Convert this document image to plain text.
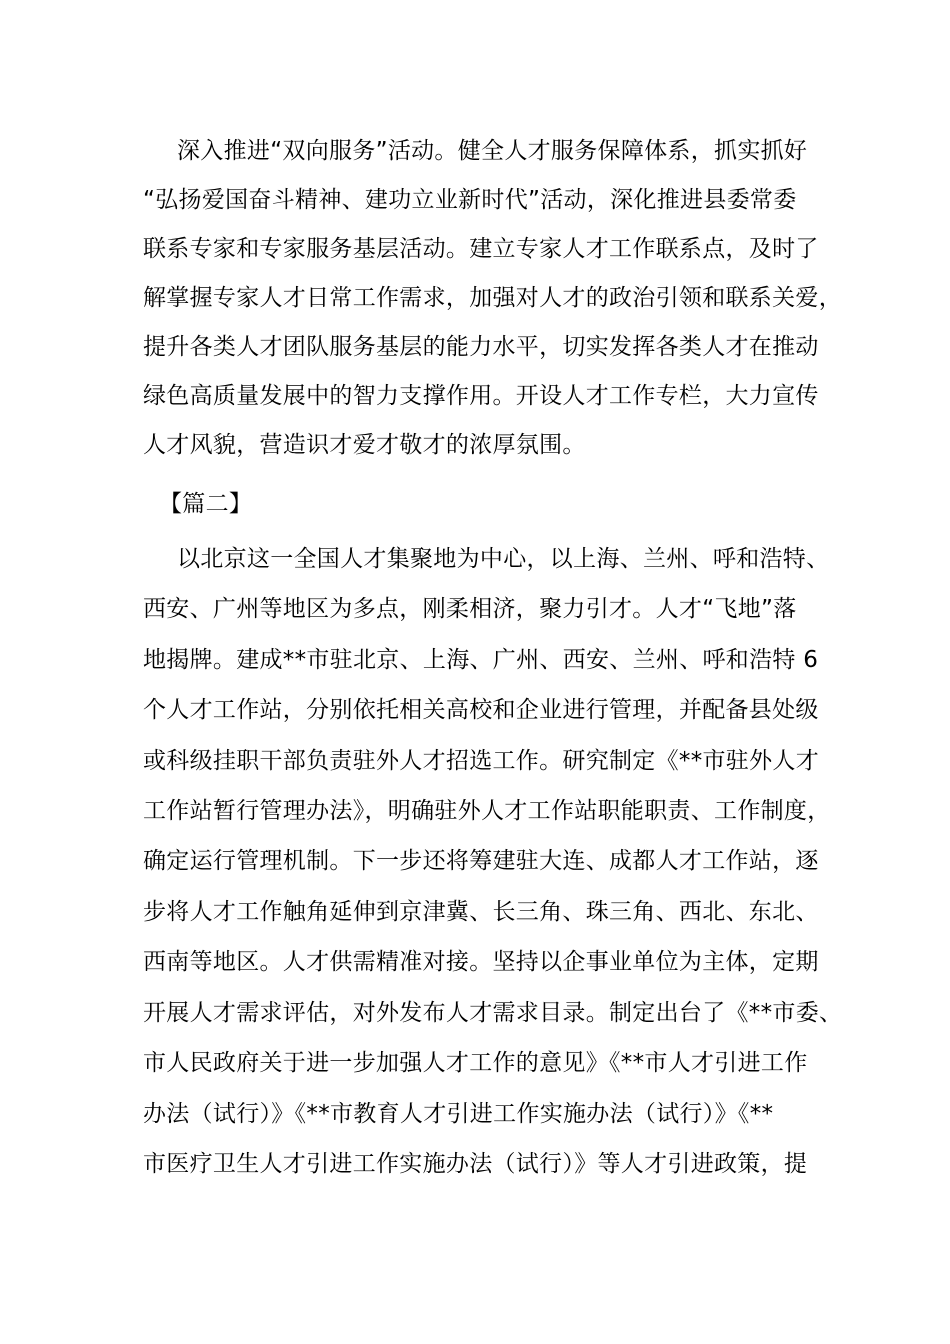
深入推进“双向服务”活动。健全人才服务保障体系，抓实抓好

“弘扬爱国奋斗精神、建功立业新时代”活动，深化推进县委常委

联系专家和专家服务基层活动。建立专家人才工作联系点，及时了

解掌握专家人才日常工作需求，加强对人才的政治引领和联系关爱，

提升各类人才团队服务基层的能力水平，切实发挥各类人才在推动

绿色高质量发展中的智力支撑作用。开设人才工作专栏，大力宣传

人才风貌，营造识才爱才敬才的浓厚氛围。

【篇二】

以北京这一全国人才集聚地为中心，以上海、兰州、呼和浩特、

西安、广州等地区为多点，刚柔相济，聚力引才。人才“飞地”落

地揭牌。建成**市驻北京、上海、广州、西安、兰州、呼和浩特 6

个人才工作站，分别依托相关高校和企业进行管理，并配备县处级

或科级挂职干部负责驻外人才招选工作。研究制定《**市驻外人才

工作站暂行管理办法》，明确驻外人才工作站职能职责、工作制度，

确定运行管理机制。下一步还将筹建驻大连、成都人才工作站，逐

步将人才工作触角延伸到京津冀、长三角、珠三角、西北、东北、

西南等地区。人才供需精准对接。坚持以企事业单位为主体，定期

开展人才需求评估，对外发布人才需求目录。制定出台了《**市委、

市人民政府关于进一步加强人才工作的意见》《**市人才引进工作

办法（试行）》《**市教育人才引进工作实施办法（试行）》《**

市医疗卫生人才引进工作实施办法（试行）》等人才引进政策，提
